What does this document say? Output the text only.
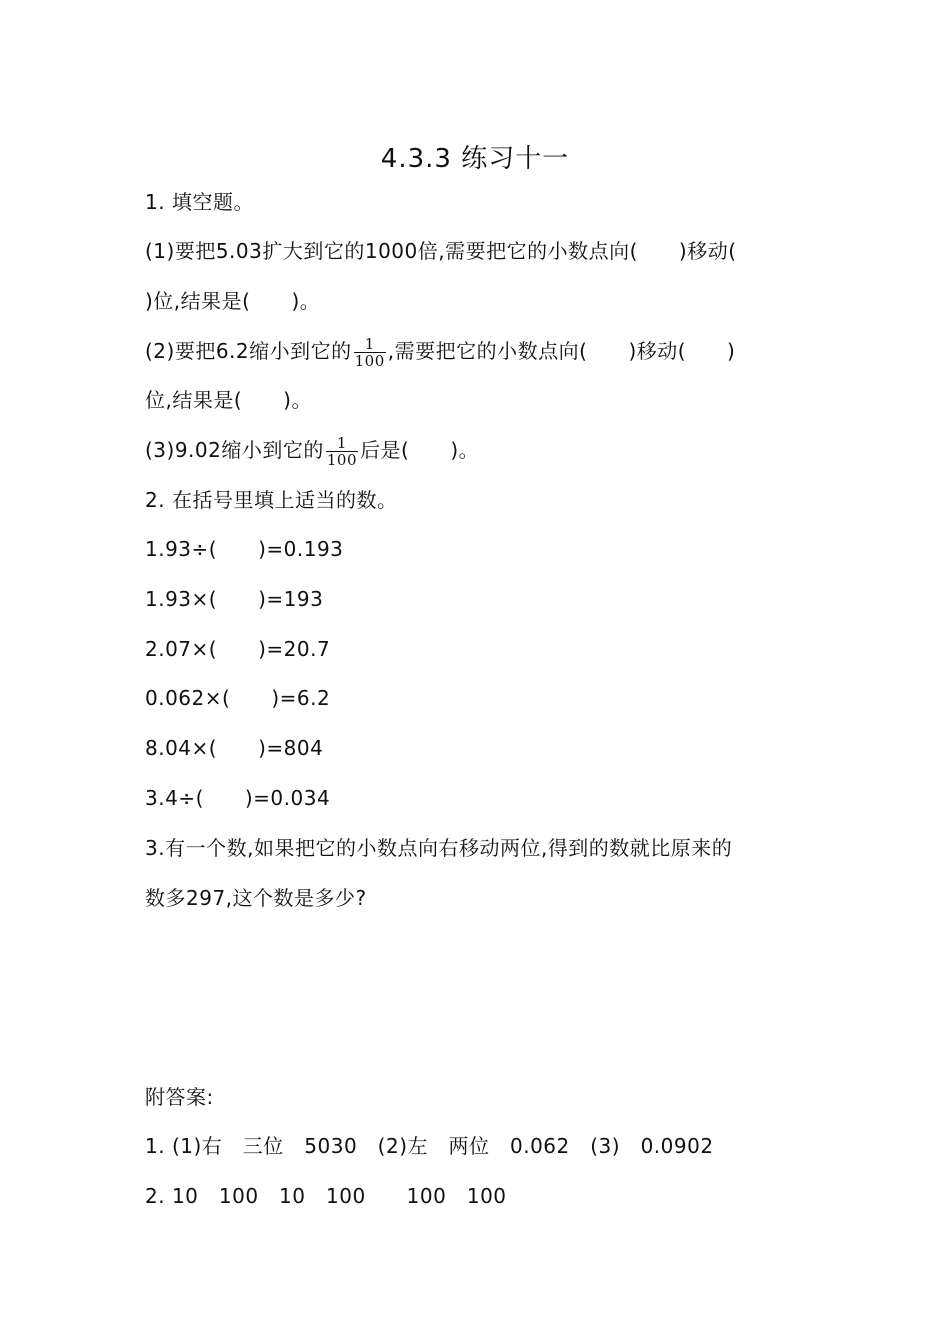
4.3.3 练习十一
1. 填空题。
(1)要把5.03扩大到它的1000倍,需要把它的小数点向(　　)移动(
)位,结果是(　　)。
(2)要把6.2缩小到它的 $\frac{1}{100}$ ,需要把它的小数点向(　　)移动(　　)
位,结果是(　　)。
(3)9.02缩小到它的 $\frac{1}{100}$ 后是(　　)。
2. 在括号里填上适当的数。
1.93÷(　　)=0.193
1.93×(　　)=193
2.07×(　　)=20.7
0.062×(　　)=6.2
8.04×(　　)=804
3.4÷(　　)=0.034
3.有一个数,如果把它的小数点向右移动两位,得到的数就比原来的
数多297,这个数是多少?
附答案:
1. (1)右　三位　5030　(2)左　两位　0.062　(3)　0.0902
2. 10　100　10　100　　100　100
